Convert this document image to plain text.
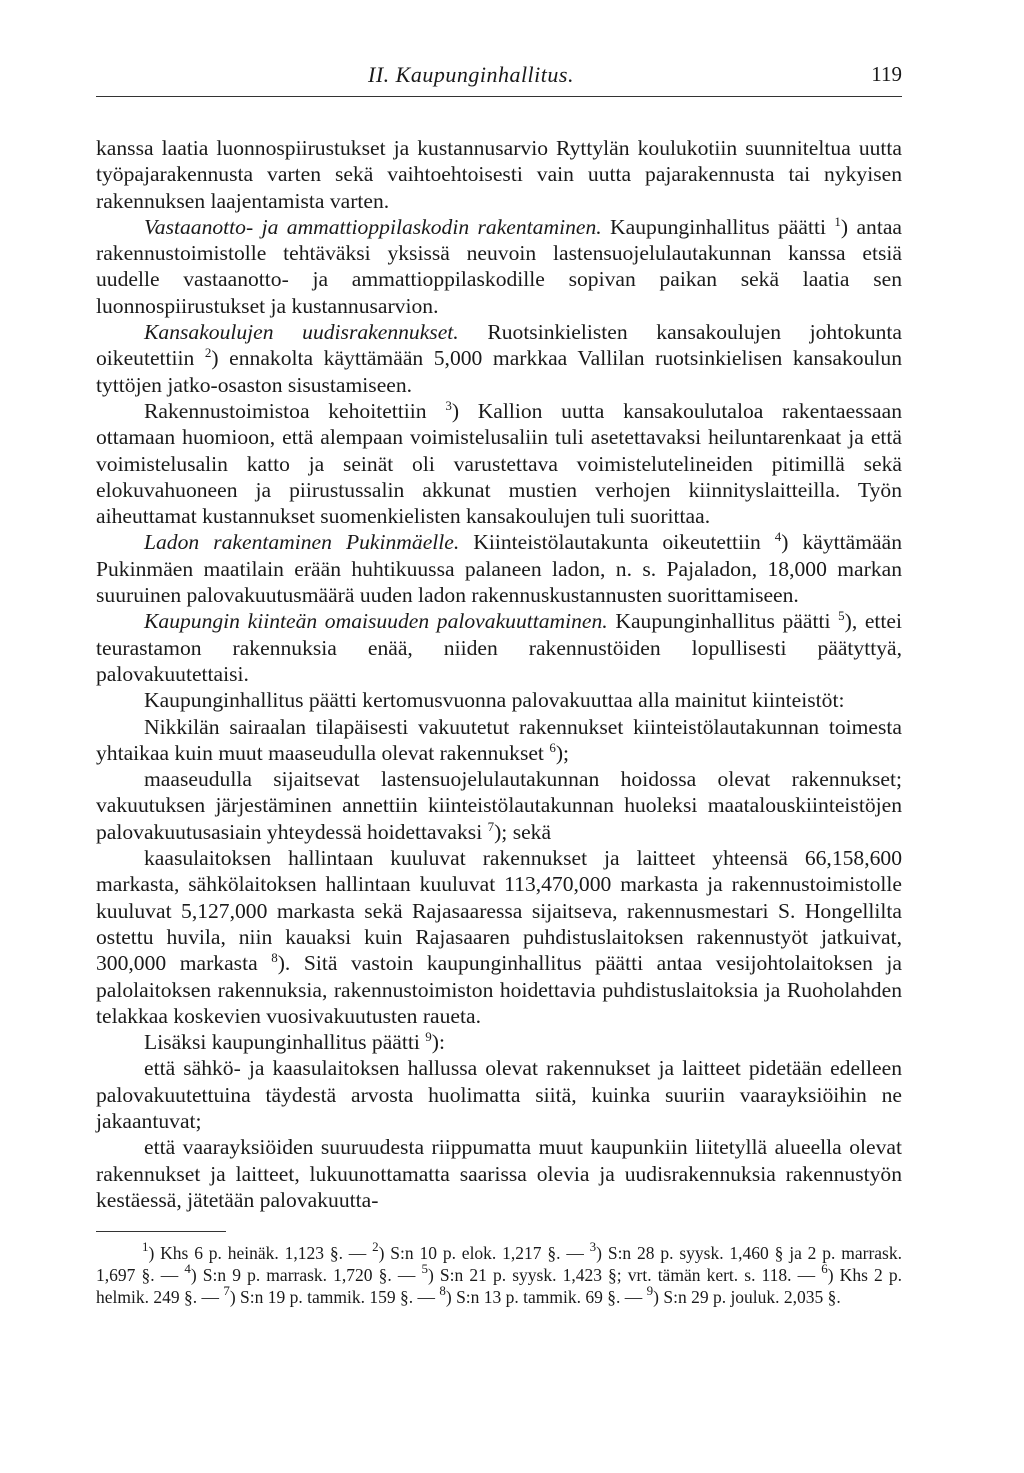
II. Kaupunginhallitus.	119

kanssa laatia luonnospiirustukset ja kustannusarvio Ryttylän koulukotiin suunniteltua uutta työpajarakennusta varten sekä vaihtoehtoisesti vain uutta pajarakennusta tai nykyisen rakennuksen laajentamista varten.

Vastaanotto- ja ammattioppilaskodin rakentaminen. Kaupunginhallitus päätti $^1$) antaa rakennustoimistolle tehtäväksi yksissä neuvoin lastensuojelulautakunnan kanssa etsiä uudelle vastaanotto- ja ammattioppilaskodille sopivan paikan sekä laatia sen luonnospiirustukset ja kustannusarvion.

Kansakoulujen uudisrakennukset. Ruotsinkielisten kansakoulujen johtokunta oikeutettiin $^2$) ennakolta käyttämään 5,000 markkaa Vallilan ruotsinkielisen kansakoulun tyttöjen jatko-osaston sisustamiseen.

Rakennustoimistoa kehoitettiin $^3$) Kallion uutta kansakoulutaloa rakentaessaan ottamaan huomioon, että alempaan voimistelusaliin tuli asetettavaksi heiluntarenkaat ja että voimistelusalin katto ja seinät oli varustettava voimistelutelineiden pitimillä sekä elokuvahuoneen ja piirustussalin akkunat mustien verhojen kiinnityslaitteilla. Työn aiheuttamat kustannukset suomenkielisten kansakoulujen tuli suorittaa.

Ladon rakentaminen Pukinmäelle. Kiinteistölautakunta oikeutettiin $^4$) käyttämään Pukinmäen maatilain erään huhtikuussa palaneen ladon, n. s. Pajaladon, 18,000 markan suuruinen palovakuutusmäärä uuden ladon rakennuskustannusten suorittamiseen.

Kaupungin kiinteän omaisuuden palovakuuttaminen. Kaupunginhallitus päätti $^5$), ettei teurastamon rakennuksia enää, niiden rakennustöiden lopullisesti päätyttyä, palovakuutettaisi.

Kaupunginhallitus päätti kertomusvuonna palovakuuttaa alla mainitut kiinteistöt:

Nikkilän sairaalan tilapäisesti vakuutetut rakennukset kiinteistölautakunnan toimesta yhtaikaa kuin muut maaseudulla olevat rakennukset $^6$);

maaseudulla sijaitsevat lastensuojelulautakunnan hoidossa olevat rakennukset; vakuutuksen järjestäminen annettiin kiinteistölautakunnan huoleksi maatalouskiinteistöjen palovakuutusasiain yhteydessä hoidettavaksi $^7$); sekä

kaasulaitoksen hallintaan kuuluvat rakennukset ja laitteet yhteensä 66,158,600 markasta, sähkölaitoksen hallintaan kuuluvat 113,470,000 markasta ja rakennustoimistolle kuuluvat 5,127,000 markasta sekä Rajasaaressa sijaitseva, rakennusmestari S. Hongellilta ostettu huvila, niin kauaksi kuin Rajasaaren puhdistuslaitoksen rakennustyöt jatkuivat, 300,000 markasta $^8$). Sitä vastoin kaupunginhallitus päätti antaa vesijohtolaitoksen ja palolaitoksen rakennuksia, rakennustoimiston hoidettavia puhdistuslaitoksia ja Ruoholahden telakkaa koskevien vuosivakuutusten raueta.

Lisäksi kaupunginhallitus päätti $^9$):

että sähkö- ja kaasulaitoksen hallussa olevat rakennukset ja laitteet pidetään edelleen palovakuutettuina täydestä arvosta huolimatta siitä, kuinka suuriin vaarayksiöihin ne jakaantuvat;

että vaarayksiöiden suuruudesta riippumatta muut kaupunkiin liitetyllä alueella olevat rakennukset ja laitteet, lukuunottamatta saarissa olevia ja uudisrakennuksia rakennustyön kestäessä, jätetään palovakuutta-

$^1$) Khs 6 p. heinäk. 1,123 §. — $^2$) S:n 10 p. elok. 1,217 §. — $^3$) S:n 28 p. syysk. 1,460 § ja 2 p. marrask. 1,697 §. — $^4$) S:n 9 p. marrask. 1,720 §. — $^5$) S:n 21 p. syysk. 1,423 §; vrt. tämän kert. s. 118. — $^6$) Khs 2 p. helmik. 249 §. — $^7$) S:n 19 p. tammik. 159 §. — $^8$) S:n 13 p. tammik. 69 §. — $^9$) S:n 29 p. jouluk. 2,035 §.
